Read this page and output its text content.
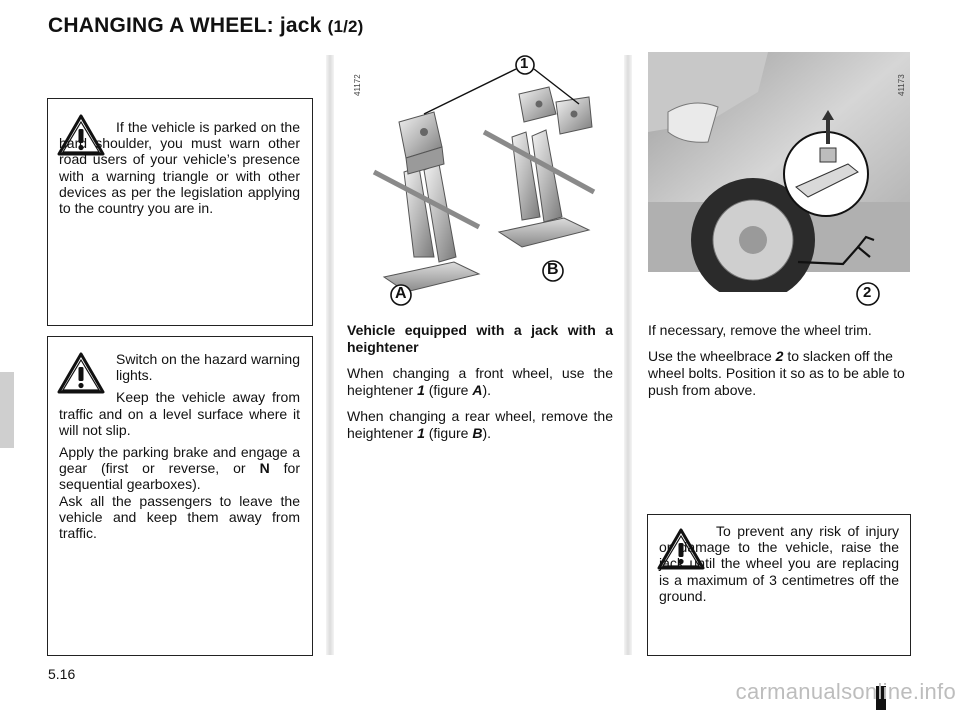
CHANGING A WHEEL: jack (1/2)
If the vehicle is parked on the hard shoulder, you must warn other road users of your vehicle’s presence with a warning triangle or with other devices as per the legislation applying to the country you are in.

Switch on the hazard warning lights.

Keep the vehicle away from traffic and on a level surface where it will not slip.

Apply the parking brake and engage a gear (first or reverse, or N for sequential gearboxes).

Ask all the passengers to leave the vehicle and keep them away from traffic.

41172
1
A
B
41173
2

Vehicle equipped with a jack with a heightener

When changing a front wheel, use the heightener 1 (figure A).

When changing a rear wheel, remove the heightener 1 (figure B).

If necessary, remove the wheel trim.

Use the wheelbrace 2 to slacken off the wheel bolts. Position it so as to be able to push from above.

To prevent any risk of injury or damage to the vehicle, raise the jack until the wheel you are replacing is a maximum of 3 centimetres off the ground.
5.16
carmanualsonline.info
